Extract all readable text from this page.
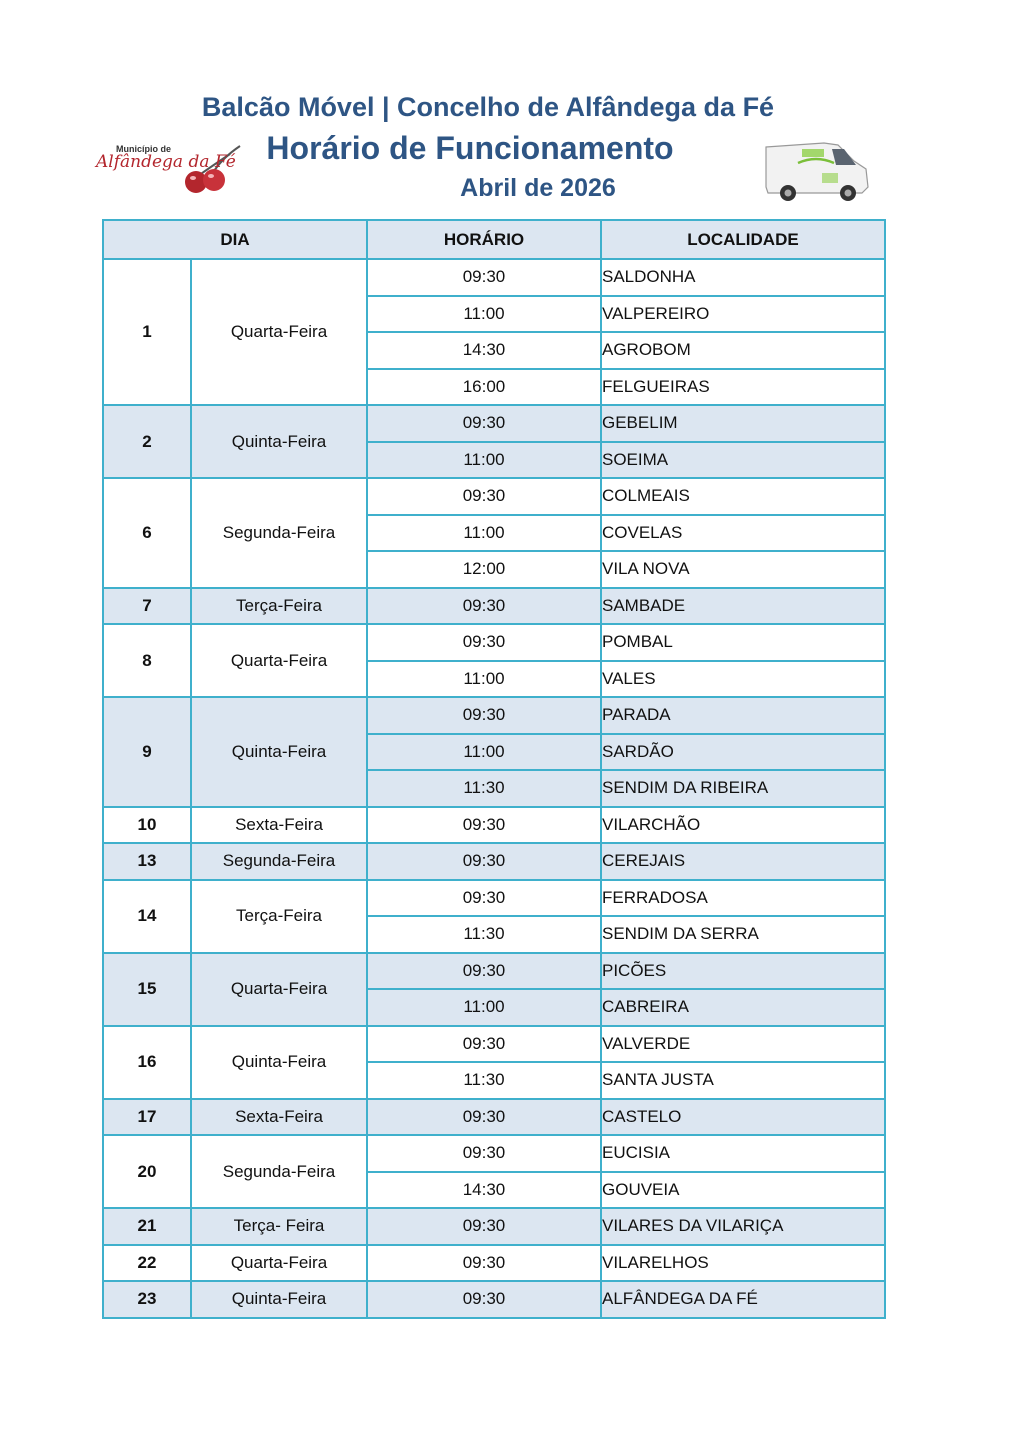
Balcão Móvel | Concelho de Alfândega da Fé
Horário de Funcionamento
Abril de 2026
Município de
Alfândega da Fé
DIA		HORÁRIO	LOCALIDADE
1	Quarta-Feira	09:30	SALDONHA
		11:00	VALPEREIRO
		14:30	AGROBOM
		16:00	FELGUEIRAS
2	Quinta-Feira	09:30	GEBELIM
		11:00	SOEIMA
6	Segunda-Feira	09:30	COLMEAIS
		11:00	COVELAS
		12:00	VILA NOVA
7	Terça-Feira	09:30	SAMBADE
8	Quarta-Feira	09:30	POMBAL
		11:00	VALES
9	Quinta-Feira	09:30	PARADA
		11:00	SARDÃO
		11:30	SENDIM DA RIBEIRA
10	Sexta-Feira	09:30	VILARCHÃO
13	Segunda-Feira	09:30	CEREJAIS
14	Terça-Feira	09:30	FERRADOSA
		11:30	SENDIM DA SERRA
15	Quarta-Feira	09:30	PICÕES
		11:00	CABREIRA
16	Quinta-Feira	09:30	VALVERDE
		11:30	SANTA JUSTA
17	Sexta-Feira	09:30	CASTELO
20	Segunda-Feira	09:30	EUCISIA
		14:30	GOUVEIA
21	Terça- Feira	09:30	VILARES DA VILARIÇA
22	Quarta-Feira	09:30	VILARELHOS
23	Quinta-Feira	09:30	ALFÂNDEGA DA FÉ
